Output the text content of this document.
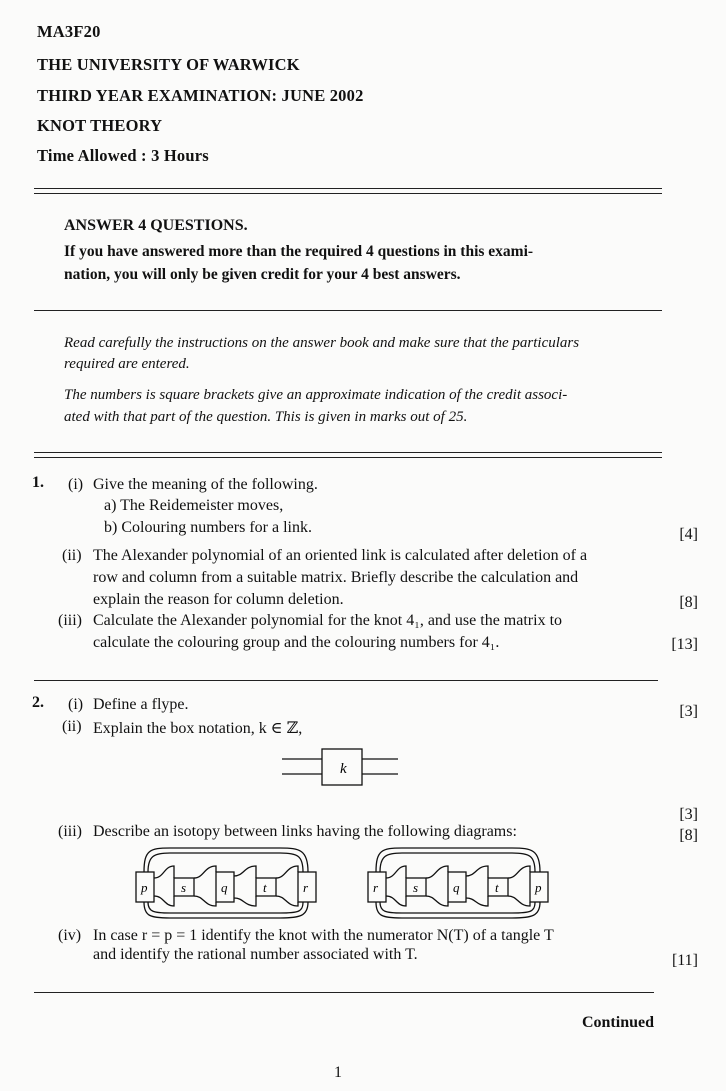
MA3F20
THE UNIVERSITY OF WARWICK
THIRD YEAR EXAMINATION: JUNE 2002
KNOT THEORY
Time Allowed : 3 Hours
ANSWER 4 QUESTIONS.
If you have answered more than the required 4 questions in this exami-
nation, you will only be given credit for your 4 best answers.
Read carefully the instructions on the answer book and make sure that the particulars
required are entered.
The numbers is square brackets give an approximate indication of the credit associ-
ated with that part of the question. This is given in marks out of 25.
1. (i) Give the meaning of the following.
a) The Reidemeister moves,
b) Colouring numbers for a link.	[4]
(ii) The Alexander polynomial of an oriented link is calculated after deletion of a
row and column from a suitable matrix. Briefly describe the calculation and
explain the reason for column deletion.	[8]
(iii) Calculate the Alexander polynomial for the knot 4₁, and use the matrix to
calculate the colouring group and the colouring numbers for 4₁.	[13]
2. (i) Define a flype.	[3]
(ii) Explain the box notation, k ∈ ℤ,
k
[3]
(iii) Describe an isotopy between links having the following diagrams:	[8]
p	s	q	t	r	r	s	q	t	p
(iv) In case r = p = 1 identify the knot with the numerator N(T) of a tangle T
and identify the rational number associated with T.	[11]
Continued
1
